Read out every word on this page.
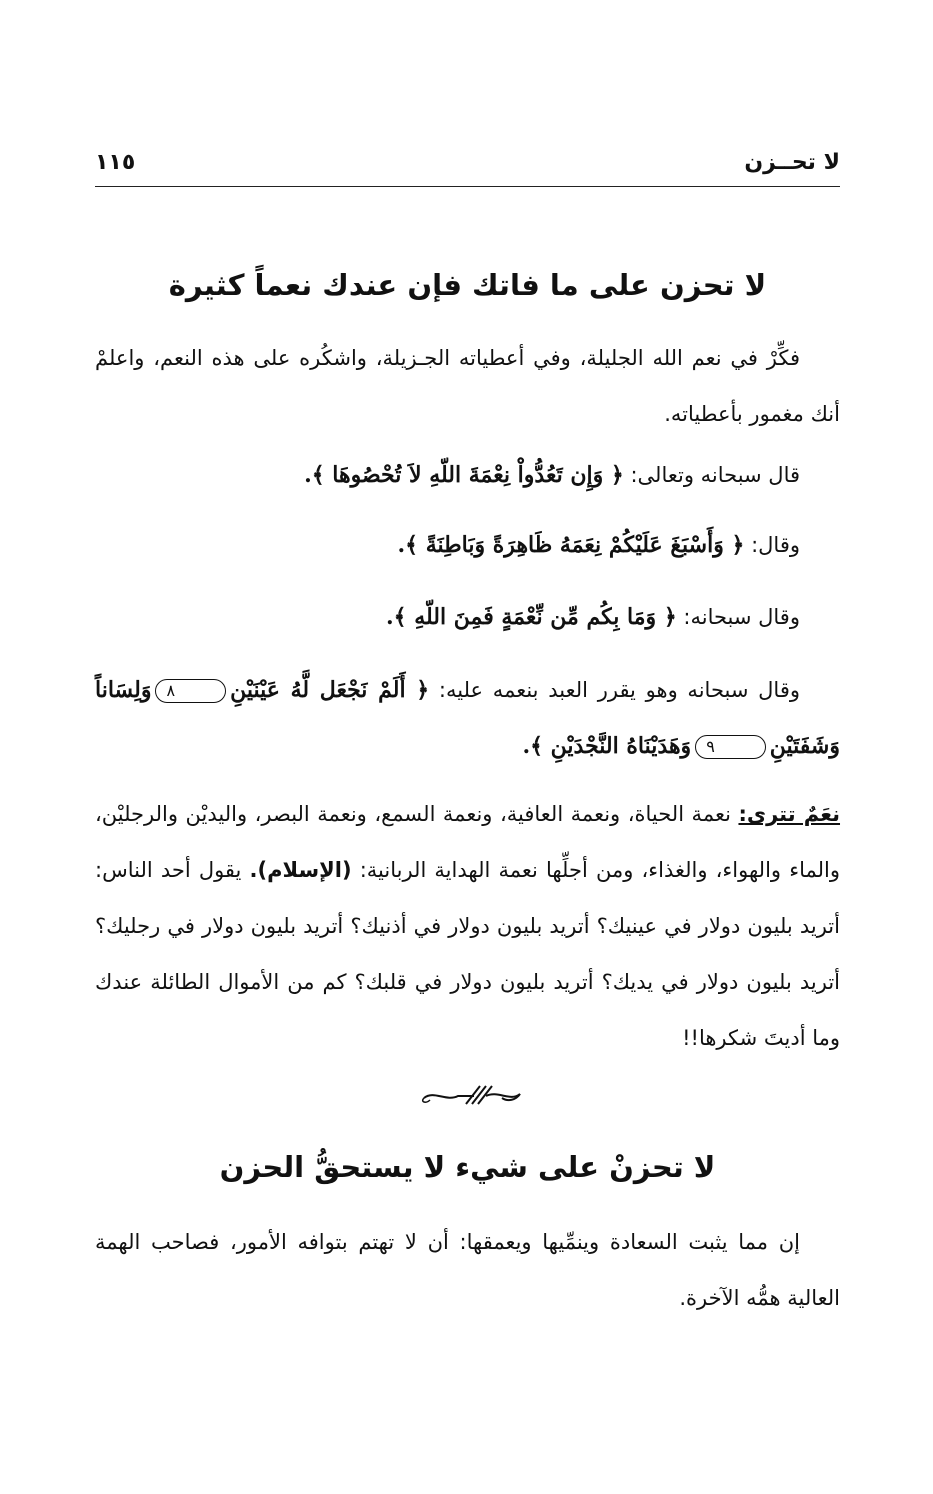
لا تحــزن
١١٥
لا تحزن على ما فاتك فإن عندك نعماً كثيرة
فكِّرْ في نعم الله الجليلة، وفي أعطياته الجـزيلة، واشكُره على هذه النعم، واعلمْ أنك مغمور بأعطياته.
قال سبحانه وتعالى: ﴿ وَإِن تَعُدُّواْ نِعْمَةَ اللّهِ لاَ تُحْصُوهَا ﴾.
وقال: ﴿ وَأَسْبَغَ عَلَيْكُمْ نِعَمَهُ ظَاهِرَةً وَبَاطِنَةً ﴾.
وقال سبحانه: ﴿ وَمَا بِكُم مِّن نِّعْمَةٍ فَمِنَ اللّهِ ﴾.
وقال سبحانه وهو يقرر العبد بنعمه عليه: ﴿ أَلَمْ نَجْعَل لَّهُ عَيْنَيْنِ٨وَلِسَاناً وَشَفَتَيْنِ٩وَهَدَيْنَاهُ النَّجْدَيْنِ ﴾.
نعَمٌ تترى: نعمة الحياة، ونعمة العافية، ونعمة السمع، ونعمة البصر، واليديْن والرجليْن، والماء والهواء، والغذاء، ومن أجلِّها نعمة الهداية الربانية: (الإسلام). يقول أحد الناس: أتريد بليون دولار في عينيك؟ أتريد بليون دولار في أذنيك؟ أتريد بليون دولار في رجليك؟ أتريد بليون دولار في يديك؟ أتريد بليون دولار في قلبك؟ كم من الأموال الطائلة عندك وما أديتَ شكرها!!
لا تحزنْ على شيء لا يستحقُّ الحزن
إن مما يثبت السعادة وينمِّيها ويعمقها: أن لا تهتم بتوافه الأمور، فصاحب الهمة العالية همُّه الآخرة.
